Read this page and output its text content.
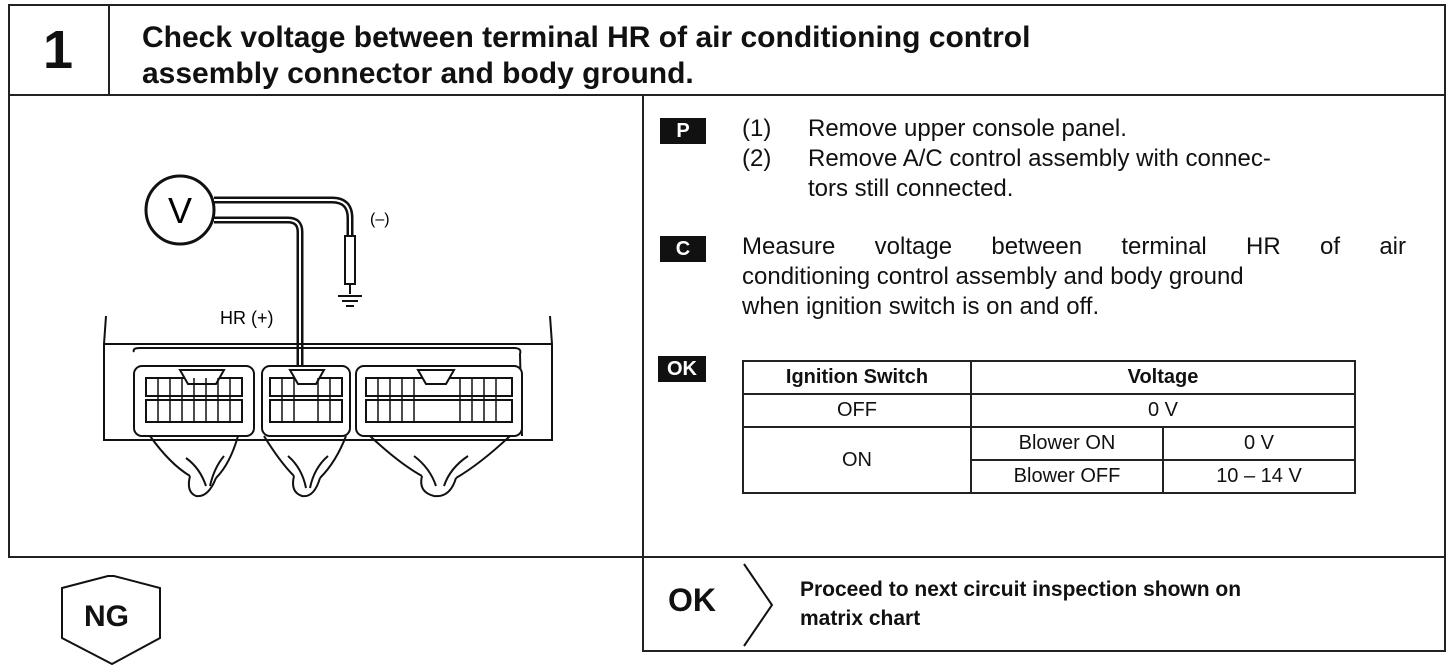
1	Check voltage between terminal HR of air conditioning control
assembly connector and body ground.
V	(–)
HR (+)
P	(1) Remove upper console panel.
(2) Remove A/C control assembly with connec-
tors still connected.
C	Measure voltage between terminal HR of air
conditioning control assembly and body ground
when ignition switch is on and off.
OK	Ignition Switch	Voltage	
OFF	0 V	
ON	Blower ON	0 V
	Blower OFF	10 – 14 V
OK	Proceed to next circuit inspection shown on
matrix chart
NG
